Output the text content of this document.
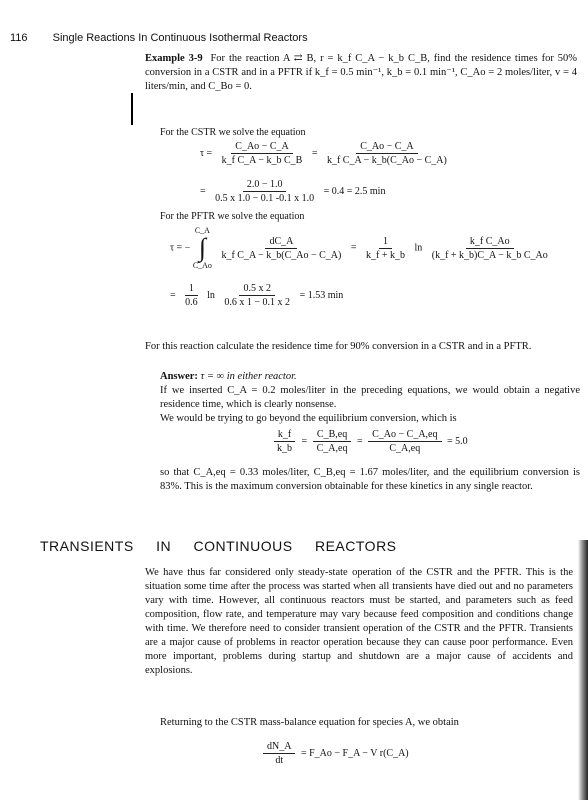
116 Single Reactions In Continuous Isothermal Reactors
Example 3-9 For the reaction A ⇄ B, r = k_f C_A − k_b C_B, find the residence times for 50% conversion in a CSTR and in a PFTR if k_f = 0.5 min⁻¹, k_b = 0.1 min⁻¹, C_Ao = 2 moles/liter, v = 4 liters/min, and C_Bo = 0.
For the CSTR we solve the equation
$\tau = \frac{C\_Ao - C\_A}{\text{k\_f C\_A − k\_b C\_B}} = \frac{C\_Ao - C\_A}{\text{k\_f C\_A − k\_b(C\_Ao − C\_A)}}$
= $\frac{2.0 - 1.0}{0.5 x 1.0 - 0.1 -0.1 x 1.0} = 0.4 = 2.5$ min
For the PFTR we solve the equation
τ = −
C_A
∫
C_Ao

$\frac{dC\_A}{\text{k\_f C\_A − k\_b(C\_Ao − C\_A)}} = \frac{1}{k\_f + k\_b}$ $\ln \frac{\text{k\_f C\_Ao}}{\text{(k\_f + k\_b)C\_A − k\_b C\_Ao}}$
= $\frac{1}{0.6}$ $\ln \frac{0.5 x 2}{0.6 x 1 - 0.1 x 2} = 1.53$ min
For this reaction calculate the residence time for 90% conversion in a CSTR and in a PFTR.
Answer: τ = ∞ in either reactor.
If we inserted C_A = 0.2 moles/liter in the preceding equations, we would obtain a negative residence time, which is clearly nonsense.
We would be trying to go beyond the equilibrium conversion, which is
$\frac{k\_f}{k\_b} = \frac{C\_B,eq}{C\_A,eq} = \frac{C\_Ao - C\_A,eq}{C\_A,eq} = 5.0$
so that C_A,eq = 0.33 moles/liter, C_B,eq = 1.67 moles/liter, and the equilibrium conversion is 83%. This is the maximum conversion obtainable for these kinetics in any single reactor.
TRANSIENTS IN CONTINUOUS REACTORS
We have thus far considered only steady-state operation of the CSTR and the PFTR. This is the situation some time after the process was started when all transients have died out and no parameters vary with time. However, all continuous reactors must be started, and parameters such as feed composition, flow rate, and temperature may vary because feed composition and conditions change with time. We therefore need to consider transient operation of the CSTR and the PFTR. Transients are a major cause of problems in reactor operation because they can cause poor performance. Even more important, problems during startup and shutdown are a major cause of accidents and explosions.
Returning to the CSTR mass-balance equation for species A, we obtain
$\frac{dN\_A}{dt}$ = F_Ao − F_A − V r(C_A)
